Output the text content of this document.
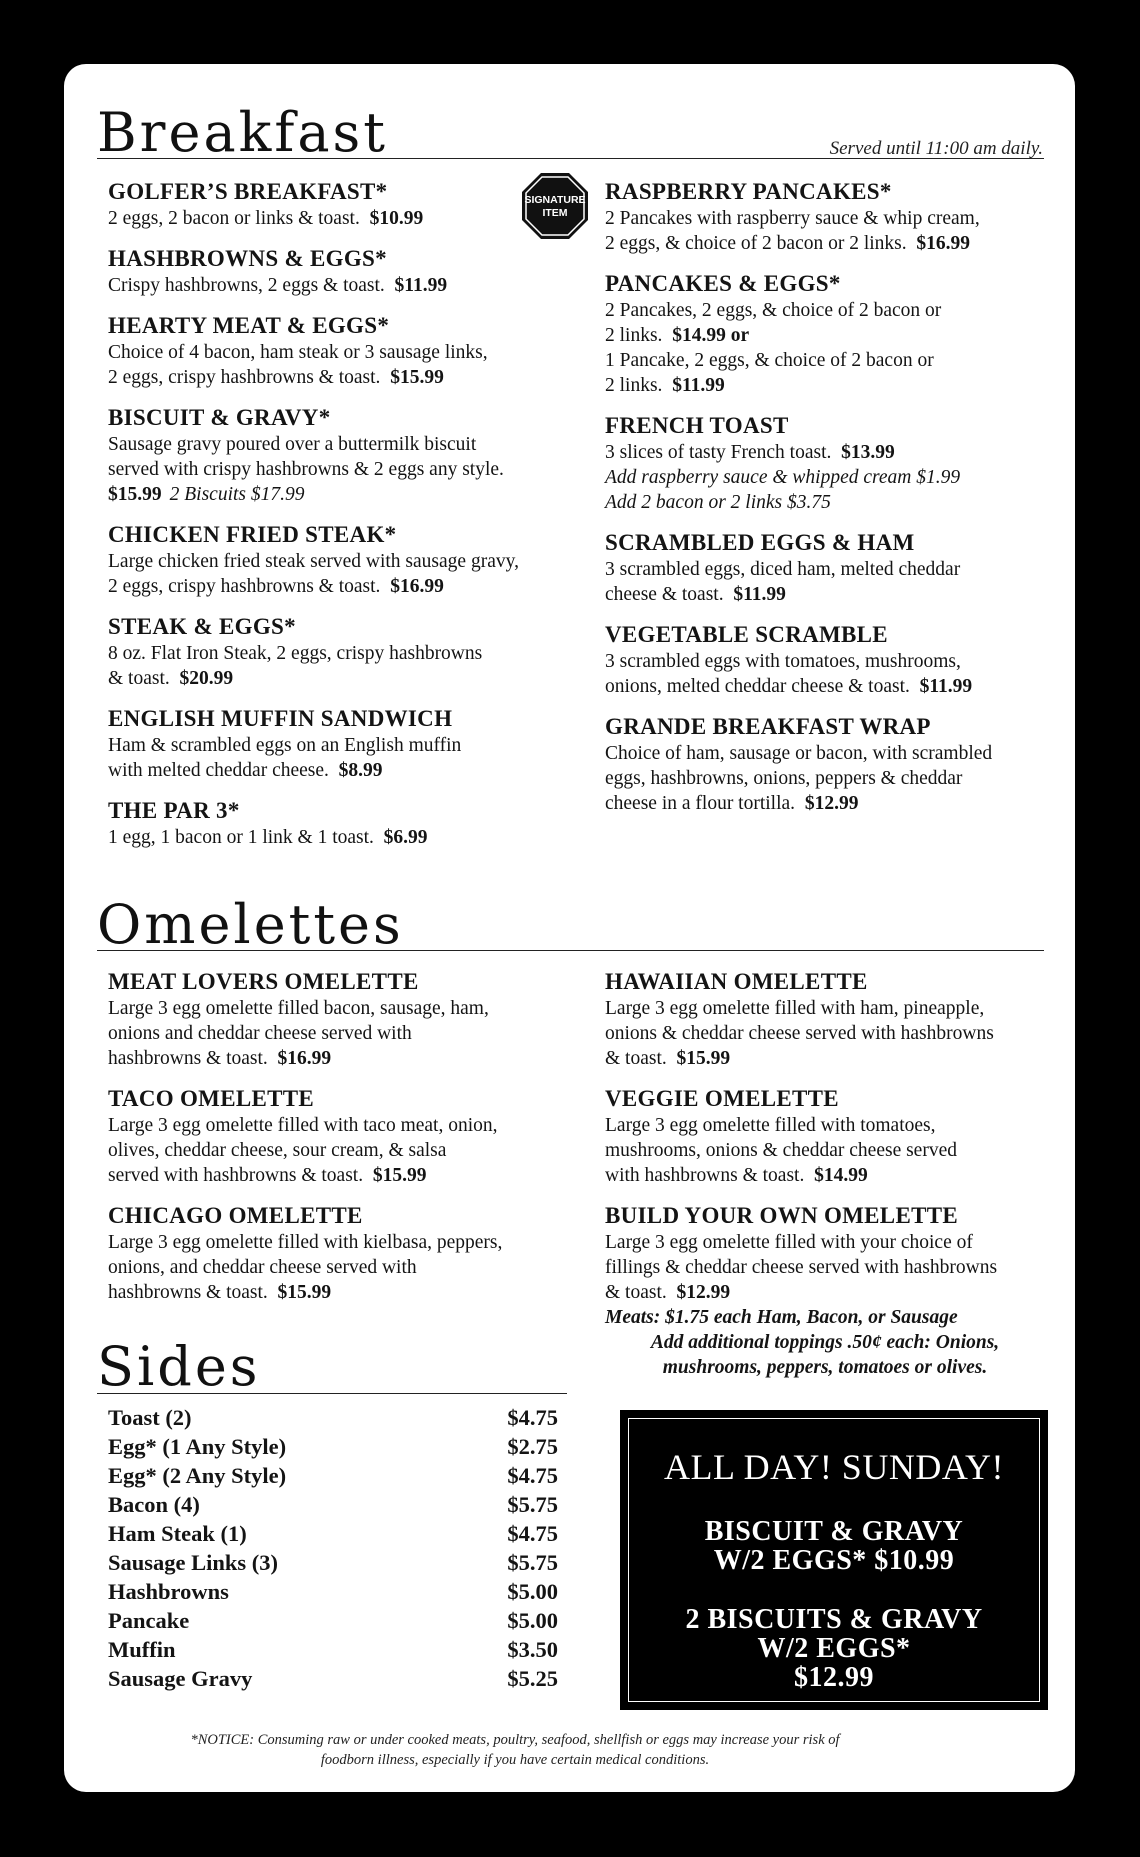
Breakfast	Served until 11:00 am daily.
SIGNATURE
ITEM
GOLFER’S BREAKFAST*
2 eggs, 2 bacon or links & toast. $10.99
HASHBROWNS & EGGS*
Crispy hashbrowns, 2 eggs & toast. $11.99
HEARTY MEAT & EGGS*
Choice of 4 bacon, ham steak or 3 sausage links,
2 eggs, crispy hashbrowns & toast. $15.99
BISCUIT & GRAVY*
Sausage gravy poured over a buttermilk biscuit
served with crispy hashbrowns & 2 eggs any style.
$15.99 2 Biscuits $17.99
CHICKEN FRIED STEAK*
Large chicken fried steak served with sausage gravy,
2 eggs, crispy hashbrowns & toast. $16.99
STEAK & EGGS*
8 oz. Flat Iron Steak, 2 eggs, crispy hashbrowns
& toast. $20.99
ENGLISH MUFFIN SANDWICH
Ham & scrambled eggs on an English muffin
with melted cheddar cheese. $8.99
THE PAR 3*
1 egg, 1 bacon or 1 link & 1 toast. $6.99
RASPBERRY PANCAKES*
2 Pancakes with raspberry sauce & whip cream,
2 eggs, & choice of 2 bacon or 2 links. $16.99
PANCAKES & EGGS*
2 Pancakes, 2 eggs, & choice of 2 bacon or
2 links. $14.99 or
1 Pancake, 2 eggs, & choice of 2 bacon or
2 links. $11.99
FRENCH TOAST
3 slices of tasty French toast. $13.99
Add raspberry sauce & whipped cream $1.99
Add 2 bacon or 2 links $3.75
SCRAMBLED EGGS & HAM
3 scrambled eggs, diced ham, melted cheddar
cheese & toast. $11.99
VEGETABLE SCRAMBLE
3 scrambled eggs with tomatoes, mushrooms,
onions, melted cheddar cheese & toast. $11.99
GRANDE BREAKFAST WRAP
Choice of ham, sausage or bacon, with scrambled
eggs, hashbrowns, onions, peppers & cheddar
cheese in a flour tortilla. $12.99
Omelettes
MEAT LOVERS OMELETTE
Large 3 egg omelette filled bacon, sausage, ham,
onions and cheddar cheese served with
hashbrowns & toast. $16.99
TACO OMELETTE
Large 3 egg omelette filled with taco meat, onion,
olives, cheddar cheese, sour cream, & salsa
served with hashbrowns & toast. $15.99
CHICAGO OMELETTE
Large 3 egg omelette filled with kielbasa, peppers,
onions, and cheddar cheese served with
hashbrowns & toast. $15.99
HAWAIIAN OMELETTE
Large 3 egg omelette filled with ham, pineapple,
onions & cheddar cheese served with hashbrowns
& toast. $15.99
VEGGIE OMELETTE
Large 3 egg omelette filled with tomatoes,
mushrooms, onions & cheddar cheese served
with hashbrowns & toast. $14.99
BUILD YOUR OWN OMELETTE
Large 3 egg omelette filled with your choice of
fillings & cheddar cheese served with hashbrowns
& toast. $12.99
Meats: $1.75 each Ham, Bacon, or Sausage
Add additional toppings .50¢ each: Onions,
mushrooms, peppers, tomatoes or olives.
Sides
Toast (2)	$4.75
Egg* (1 Any Style)	$2.75
Egg* (2 Any Style)	$4.75
Bacon (4)	$5.75
Ham Steak (1)	$4.75
Sausage Links (3)	$5.75
Hashbrowns	$5.00
Pancake	$5.00
Muffin	$3.50
Sausage Gravy	$5.25
ALL DAY! SUNDAY!
BISCUIT & GRAVY
W/2 EGGS* $10.99
2 BISCUITS & GRAVY
W/2 EGGS*
$12.99
*NOTICE: Consuming raw or under cooked meats, poultry, seafood, shellfish or eggs may increase your risk of
foodborn illness, especially if you have certain medical conditions.
